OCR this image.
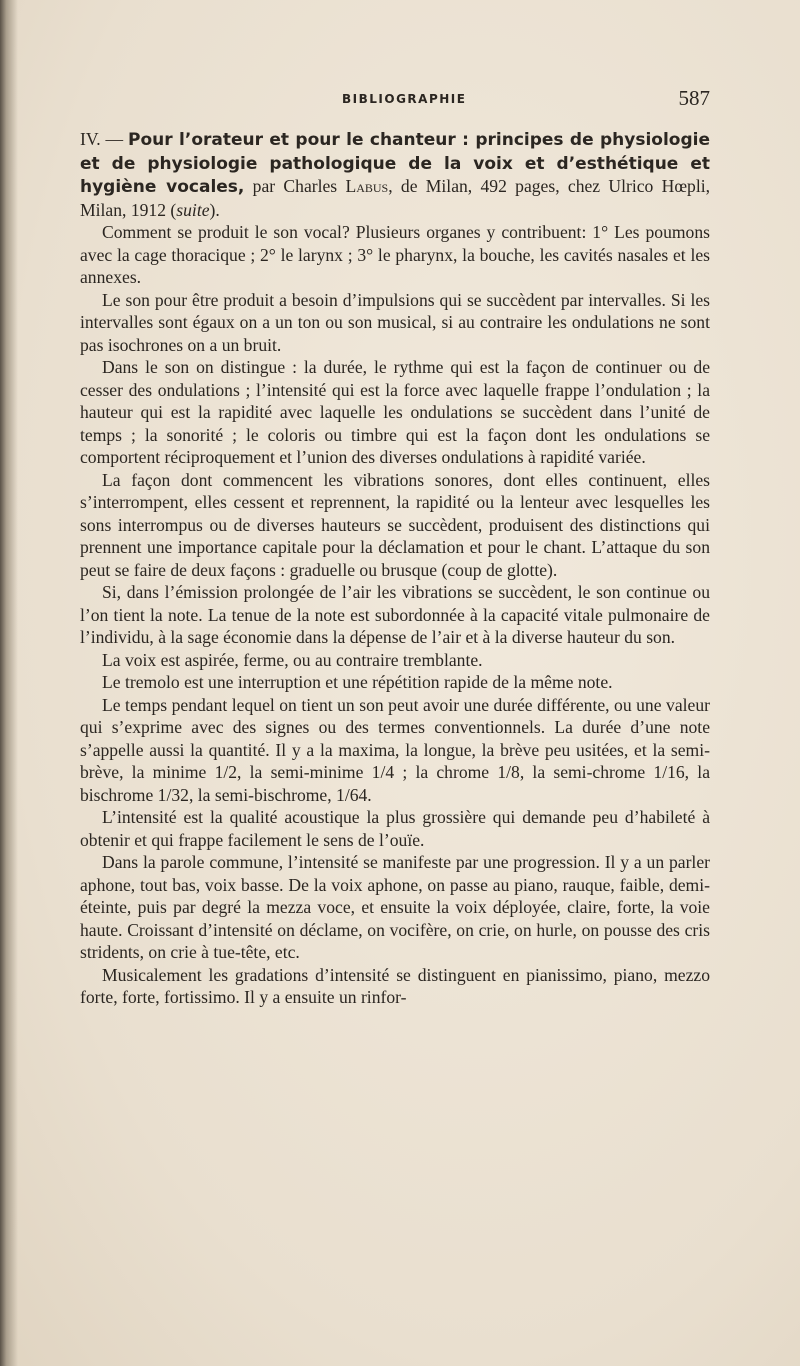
BIBLIOGRAPHIE	587

IV. — Pour l’orateur et pour le chanteur : principes de physiologie et de physiologie pathologique de la voix et d’esthétique et hygiène vocales, par Charles Labus, de Milan, 492 pages, chez Ulrico Hœpli, Milan, 1912 (suite).

Comment se produit le son vocal? Plusieurs organes y contribuent: 1° Les poumons avec la cage thoracique ; 2° le larynx ; 3° le pharynx, la bouche, les cavités nasales et les annexes.

Le son pour être produit a besoin d’impulsions qui se succèdent par intervalles. Si les intervalles sont égaux on a un ton ou son musical, si au contraire les ondulations ne sont pas isochrones on a un bruit.

Dans le son on distingue : la durée, le rythme qui est la façon de continuer ou de cesser des ondulations ; l’intensité qui est la force avec laquelle frappe l’ondulation ; la hauteur qui est la rapidité avec laquelle les ondulations se succèdent dans l’unité de temps ; la sonorité ; le coloris ou timbre qui est la façon dont les ondulations se comportent réciproquement et l’union des diverses ondulations à rapidité variée.

La façon dont commencent les vibrations sonores, dont elles continuent, elles s’interrompent, elles cessent et reprennent, la rapidité ou la lenteur avec lesquelles les sons interrompus ou de diverses hauteurs se succèdent, produisent des distinctions qui prennent une importance capitale pour la déclamation et pour le chant. L’attaque du son peut se faire de deux façons : graduelle ou brusque (coup de glotte).

Si, dans l’émission prolongée de l’air les vibrations se succèdent, le son continue ou l’on tient la note. La tenue de la note est subordonnée à la capacité vitale pulmonaire de l’individu, à la sage économie dans la dépense de l’air et à la diverse hauteur du son.

La voix est aspirée, ferme, ou au contraire tremblante.

Le tremolo est une interruption et une répétition rapide de la même note.

Le temps pendant lequel on tient un son peut avoir une durée différente, ou une valeur qui s’exprime avec des signes ou des termes conventionnels. La durée d’une note s’appelle aussi la quantité. Il y a la maxima, la longue, la brève peu usitées, et la semi-brève, la minime 1/2, la semi-minime 1/4 ; la chrome 1/8, la semi-chrome 1/16, la bischrome 1/32, la semi-bischrome, 1/64.

L’intensité est la qualité acoustique la plus grossière qui demande peu d’habileté à obtenir et qui frappe facilement le sens de l’ouïe.

Dans la parole commune, l’intensité se manifeste par une progression. Il y a un parler aphone, tout bas, voix basse. De la voix aphone, on passe au piano, rauque, faible, demi-éteinte, puis par degré la mezza voce, et ensuite la voix déployée, claire, forte, la voie haute. Croissant d’intensité on déclame, on vocifère, on crie, on hurle, on pousse des cris stridents, on crie à tue-tête, etc.

Musicalement les gradations d’intensité se distinguent en pianissimo, piano, mezzo forte, forte, fortissimo. Il y a ensuite un rinfor-
